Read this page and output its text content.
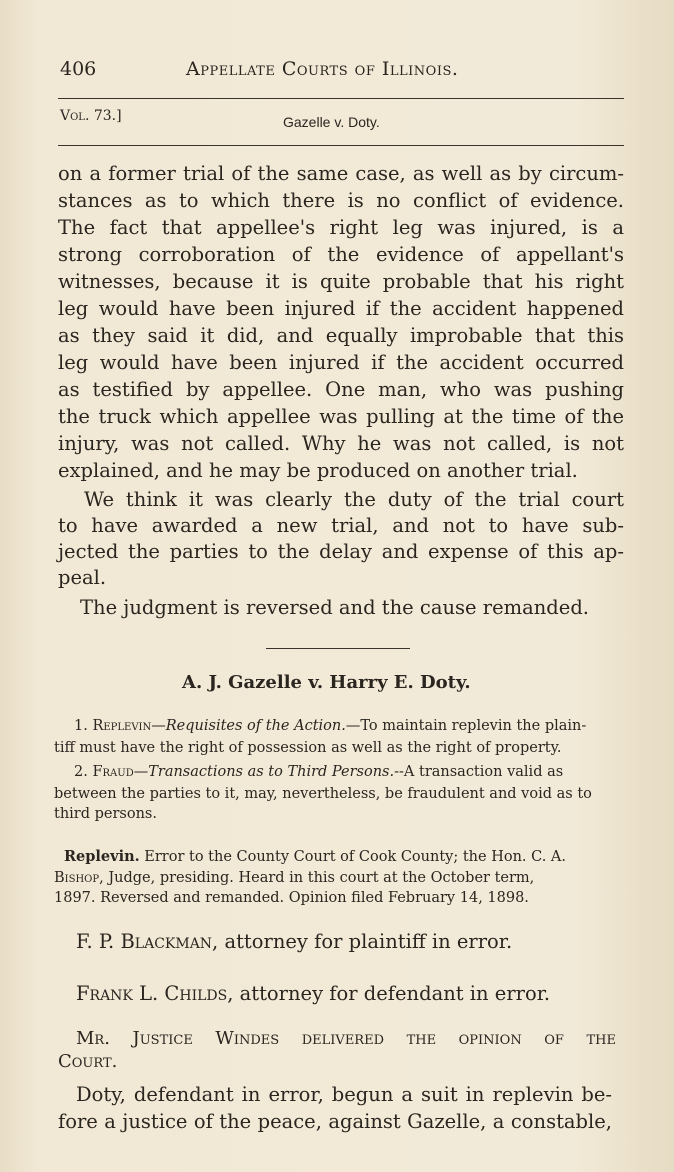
406	Appellate Courts of Illinois.
Vol. 73.]	Gazelle v. Doty.
on a former trial of the same case, as well as by circum-
stances as to which there is no conflict of evidence.
The fact that appellee's right leg was injured, is a
strong corroboration of the evidence of appellant's
witnesses, because it is quite probable that his right
leg would have been injured if the accident happened
as they said it did, and equally improbable that this
leg would have been injured if the accident occurred
as testified by appellee. One man, who was pushing
the truck which appellee was pulling at the time of the
injury, was not called. Why he was not called, is not
explained, and he may be produced on another trial.
We think it was clearly the duty of the trial court
to have awarded a new trial, and not to have sub-
jected the parties to the delay and expense of this ap-
peal.
The judgment is reversed and the cause remanded.
A. J. Gazelle v. Harry E. Doty.
1. Replevin—Requisites of the Action.—To maintain replevin the plain-
tiff must have the right of possession as well as the right of property.
2. Fraud—Transactions as to Third Persons.--A transaction valid as
between the parties to it, may, nevertheless, be fraudulent and void as to
third persons.
Replevin. Error to the County Court of Cook County; the Hon. C. A.
Bishop, Judge, presiding. Heard in this court at the October term,
1897. Reversed and remanded. Opinion filed February 14, 1898.
F. P. Blackman, attorney for plaintiff in error.
Frank L. Childs, attorney for defendant in error.
Mr. Justice Windes delivered the opinion of the
Court.
Doty, defendant in error, begun a suit in replevin be-
fore a justice of the peace, against Gazelle, a constable,
